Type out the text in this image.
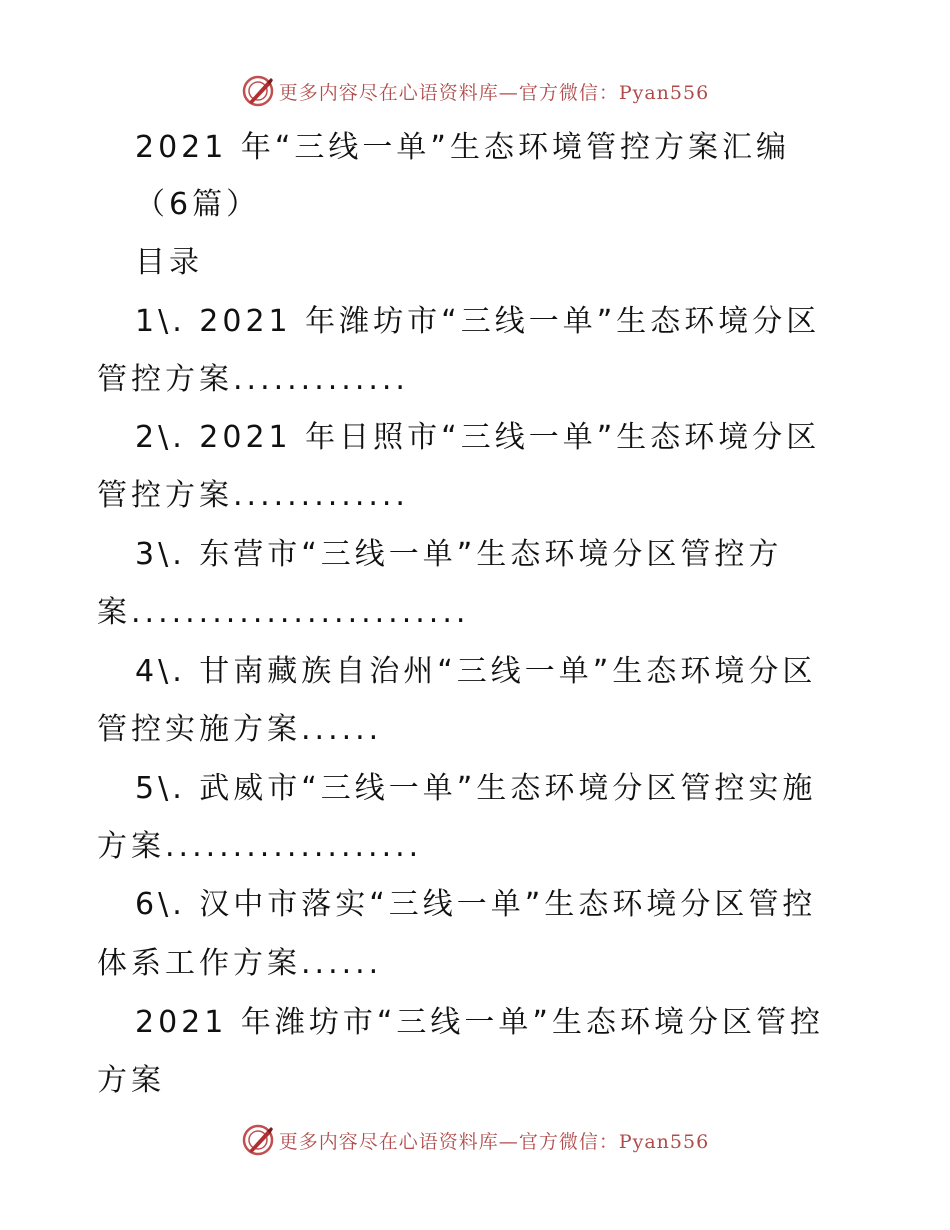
更多内容尽在心语资料库—官方微信：Pyan556
2021 年“三线一单”生态环境管控方案汇编
（6篇）
目录
1\. 2021 年潍坊市“三线一单”生态环境分区
管控方案.............
2\. 2021 年日照市“三线一单”生态环境分区
管控方案.............
3\. 东营市“三线一单”生态环境分区管控方
案.........................
4\. 甘南藏族自治州“三线一单”生态环境分区
管控实施方案......
5\. 武威市“三线一单”生态环境分区管控实施
方案...................
6\. 汉中市落实“三线一单”生态环境分区管控
体系工作方案......
2021 年潍坊市“三线一单”生态环境分区管控
方案
更多内容尽在心语资料库—官方微信：Pyan556
